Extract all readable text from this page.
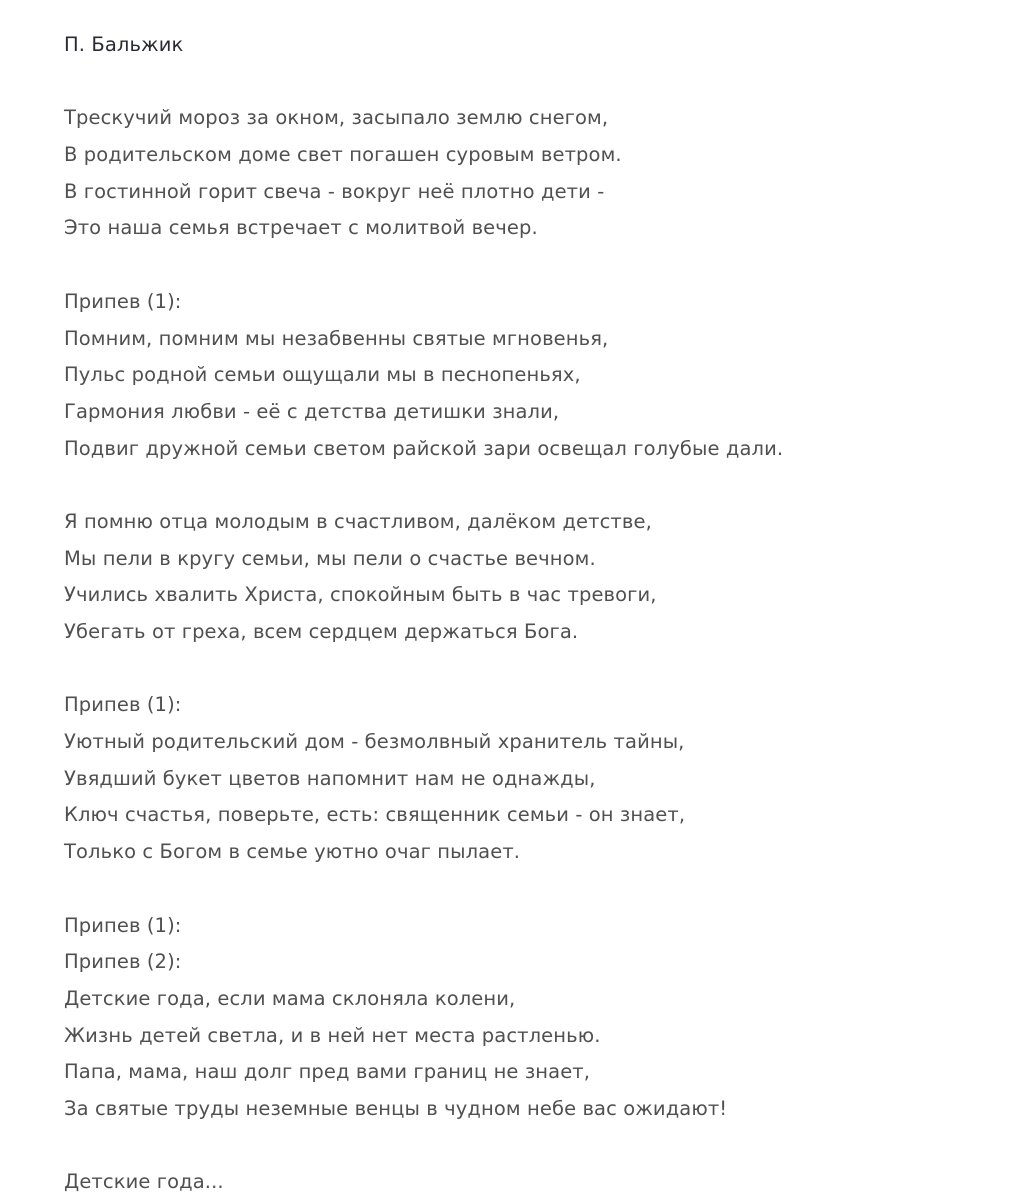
П. Бальжик
Трескучий мороз за окном, засыпало землю снегом,
В родительском доме свет погашен суровым ветром.
В гостинной горит свеча - вокруг неё плотно дети -
Это наша семья встречает с молитвой вечер.
Припев (1):
Помним, помним мы незабвенны святые мгновенья,
Пульс родной семьи ощущали мы в песнопеньях,
Гармония любви - её с детства детишки знали,
Подвиг дружной семьи светом райской зари освещал голубые дали.
Я помню отца молодым в счастливом, далёком детстве,
Мы пели в кругу семьи, мы пели о счастье вечном.
Учились хвалить Христа, спокойным быть в час тревоги,
Убегать от греха, всем сердцем держаться Бога.
Припев (1):
Уютный родительский дом - безмолвный хранитель тайны,
Увядший букет цветов напомнит нам не однажды,
Ключ счастья, поверьте, есть: священник семьи - он знает,
Только с Богом в семье уютно очаг пылает.
Припев (1):
Припев (2):
Детские года, если мама склоняла колени,
Жизнь детей светла, и в ней нет места растленью.
Папа, мама, наш долг пред вами границ не знает,
За святые труды неземные венцы в чудном небе вас ожидают!
Детские года...
